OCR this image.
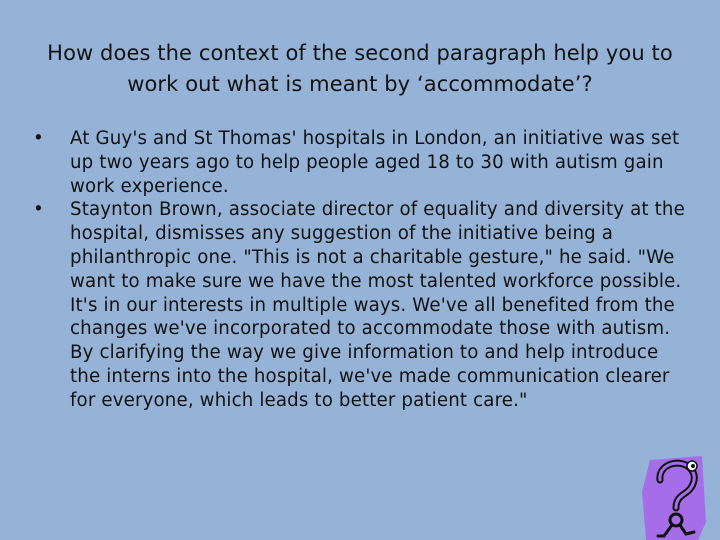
How does the context of the second paragraph help you to work out what is meant by ‘accommodate’?
• At Guy's and St Thomas' hospitals in London, an initiative was set up two years ago to help people aged 18 to 30 with autism gain work experience.
• Staynton Brown, associate director of equality and diversity at the hospital, dismisses any suggestion of the initiative being a philanthropic one. "This is not a charitable gesture," he said. "We want to make sure we have the most talented workforce possible. It's in our interests in multiple ways. We've all benefited from the changes we've incorporated to accommodate those with autism. By clarifying the way we give information to and help introduce the interns into the hospital, we've made communication clearer for everyone, which leads to better patient care."
